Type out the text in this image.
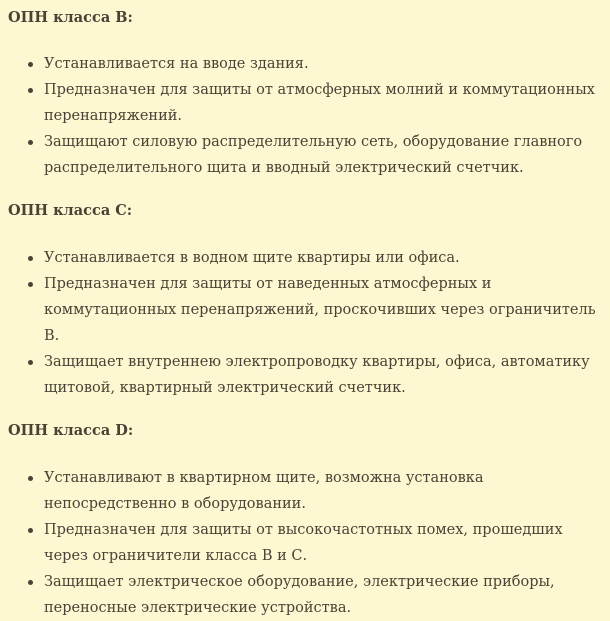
ОПН класса В:
Устанавливается на вводе здания.
Предназначен для защиты от атмосферных молний и коммутационных перенапряжений.
Защищают силовую распределительную сеть, оборудование главного распределительного щита и вводный электрический счетчик.
ОПН класса С:
Устанавливается в водном щите квартиры или офиса.
Предназначен для защиты от наведенных атмосферных и коммутационных перенапряжений, проскочивших через ограничитель В.
Защищает внутреннею электропроводку квартиры, офиса, автоматику щитовой, квартирный электрический счетчик.
ОПН класса D:
Устанавливают в квартирном щите, возможна установка непосредственно в оборудовании.
Предназначен для защиты от высокочастотных помех, прошедших через ограничители класса В и С.
Защищает электрическое оборудование, электрические приборы, переносные электрические устройства.
